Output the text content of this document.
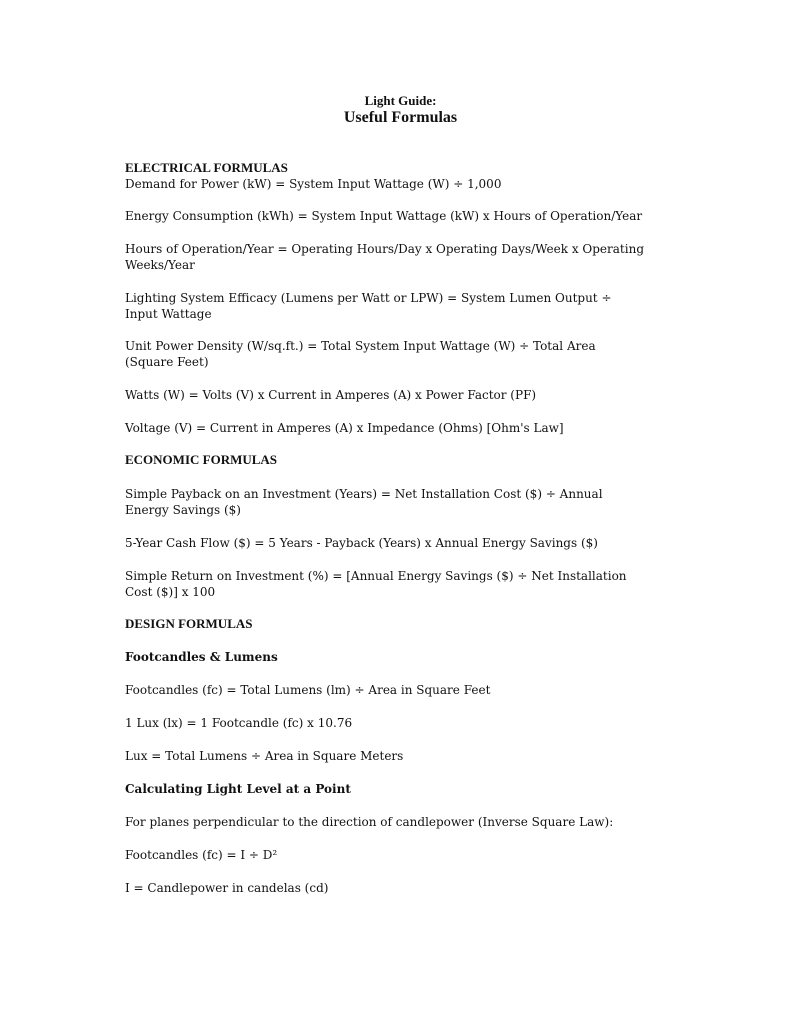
Light Guide:
Useful Formulas

ELECTRICAL FORMULAS

Demand for Power (kW) = System Input Wattage (W) ÷ 1,000

Energy Consumption (kWh) = System Input Wattage (kW) x Hours of Operation/Year

Hours of Operation/Year = Operating Hours/Day x Operating Days/Week x Operating Weeks/Year

Lighting System Efficacy (Lumens per Watt or LPW) = System Lumen Output ÷ Input Wattage

Unit Power Density (W/sq.ft.) = Total System Input Wattage (W) ÷ Total Area (Square Feet)

Watts (W) = Volts (V) x Current in Amperes (A) x Power Factor (PF)

Voltage (V) = Current in Amperes (A) x Impedance (Ohms) [Ohm's Law]

ECONOMIC FORMULAS

Simple Payback on an Investment (Years) = Net Installation Cost ($) ÷ Annual Energy Savings ($)

5-Year Cash Flow ($) = 5 Years - Payback (Years) x Annual Energy Savings ($)

Simple Return on Investment (%) = [Annual Energy Savings ($) ÷ Net Installation Cost ($)] x 100

DESIGN FORMULAS

Footcandles & Lumens

Footcandles (fc) = Total Lumens (lm) ÷ Area in Square Feet

1 Lux (lx) = 1 Footcandle (fc) x 10.76

Lux = Total Lumens ÷ Area in Square Meters

Calculating Light Level at a Point

For planes perpendicular to the direction of candlepower (Inverse Square Law):

Footcandles (fc) = I ÷ D²

I = Candlepower in candelas (cd)
